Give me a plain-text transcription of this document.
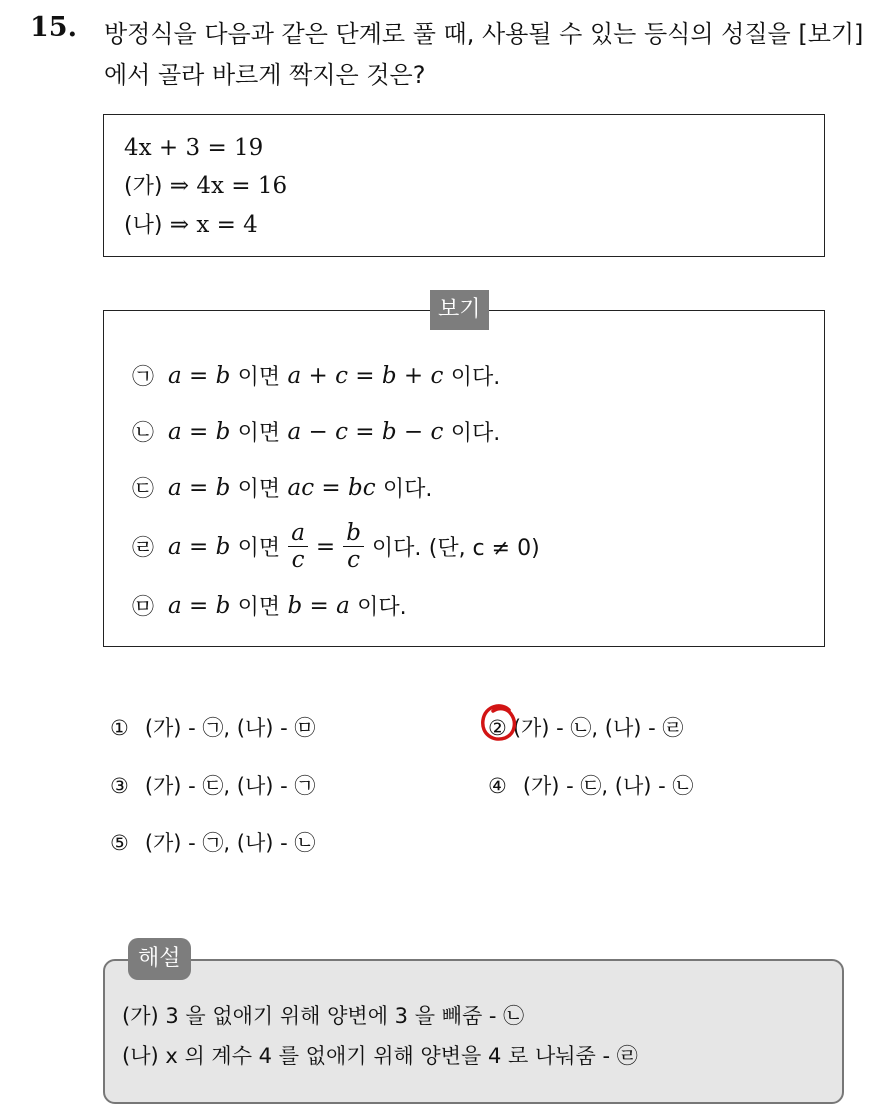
15. 방정식을 다음과 같은 단계로 풀 때, 사용될 수 있는 등식의 성질을 [보기]에서 골라 바르게 짝지은 것은?
4x + 3 = 19
(가) ⇒ 4x = 16
(나) ⇒ x = 4
보기
㉠ a = b
이면
a + c = b + c
이다.
㉡ a = b
이면
a − c = b − c
이다.
㉢ a = b
이면
ac = bc
이다.
㉣ a = b
이면 $\frac{a}{c} = \frac{b}{c}$ 이다.
(단, c ≠ 0)
㉤ a = b
이면
b = a
이다.
① (가) - ㉠, (나) - ㉤	② (가) - ㉡, (나) - ㉣
③ (가) - ㉢, (나) - ㉠	④ (가) - ㉢, (나) - ㉡
⑤ (가) - ㉠, (나) - ㉡
해설
(가) 3 을 없애기 위해 양변에 3 을 빼줌 - ㉡
(나) x 의 계수 4 를 없애기 위해 양변을 4 로 나눠줌 - ㉣
